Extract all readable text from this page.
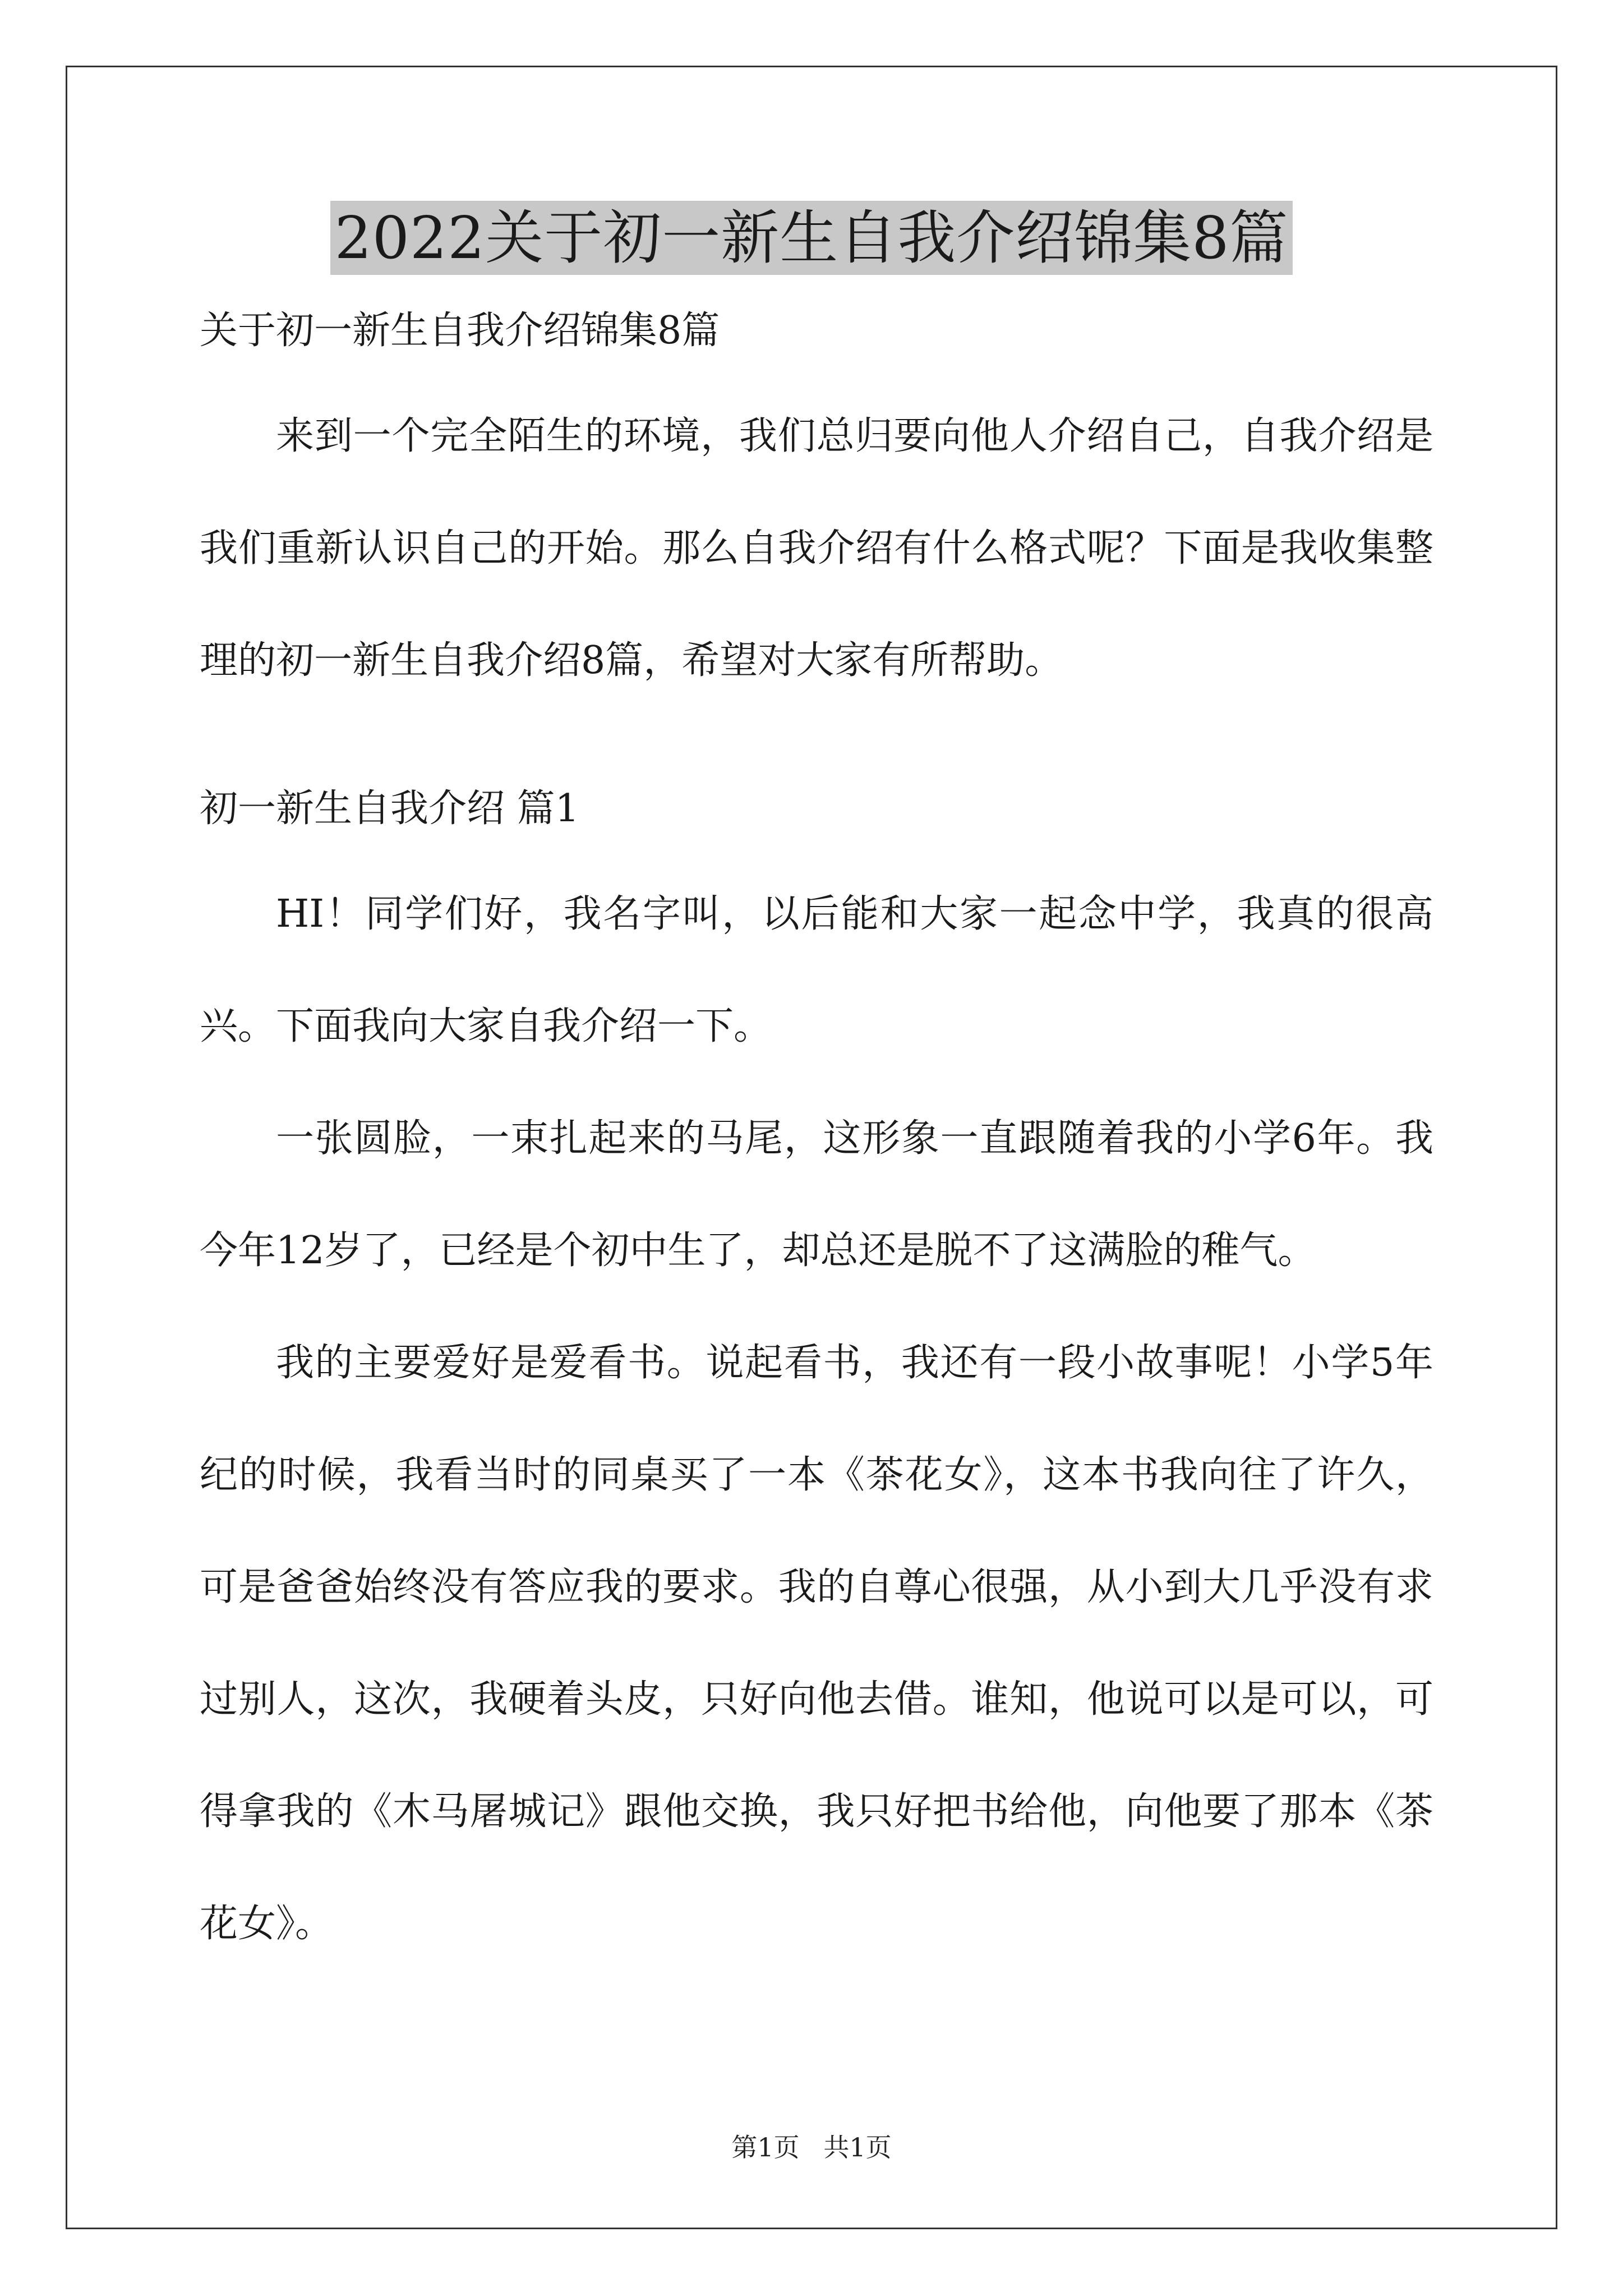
2022关于初一新生自我介绍锦集8篇
关于初一新生自我介绍锦集8篇

来到一个完全陌生的环境，我们总归要向他人介绍自己，自我介绍是我们重新认识自己的开始。那么自我介绍有什么格式呢？下面是我收集整理的初一新生自我介绍8篇，希望对大家有所帮助。

初一新生自我介绍 篇1

HI！同学们好，我名字叫，以后能和大家一起念中学，我真的很高兴。下面我向大家自我介绍一下。

一张圆脸，一束扎起来的马尾，这形象一直跟随着我的小学6年。我今年12岁了，已经是个初中生了，却总还是脱不了这满脸的稚气。

我的主要爱好是爱看书。说起看书，我还有一段小故事呢！小学5年纪的时候，我看当时的同桌买了一本《茶花女》，这本书我向往了许久，可是爸爸始终没有答应我的要求。我的自尊心很强，从小到大几乎没有求过别人，这次，我硬着头皮，只好向他去借。谁知，他说可以是可以，可得拿我的《木马屠城记》跟他交换，我只好把书给他，向他要了那本《茶花女》。

第1页 共1页
